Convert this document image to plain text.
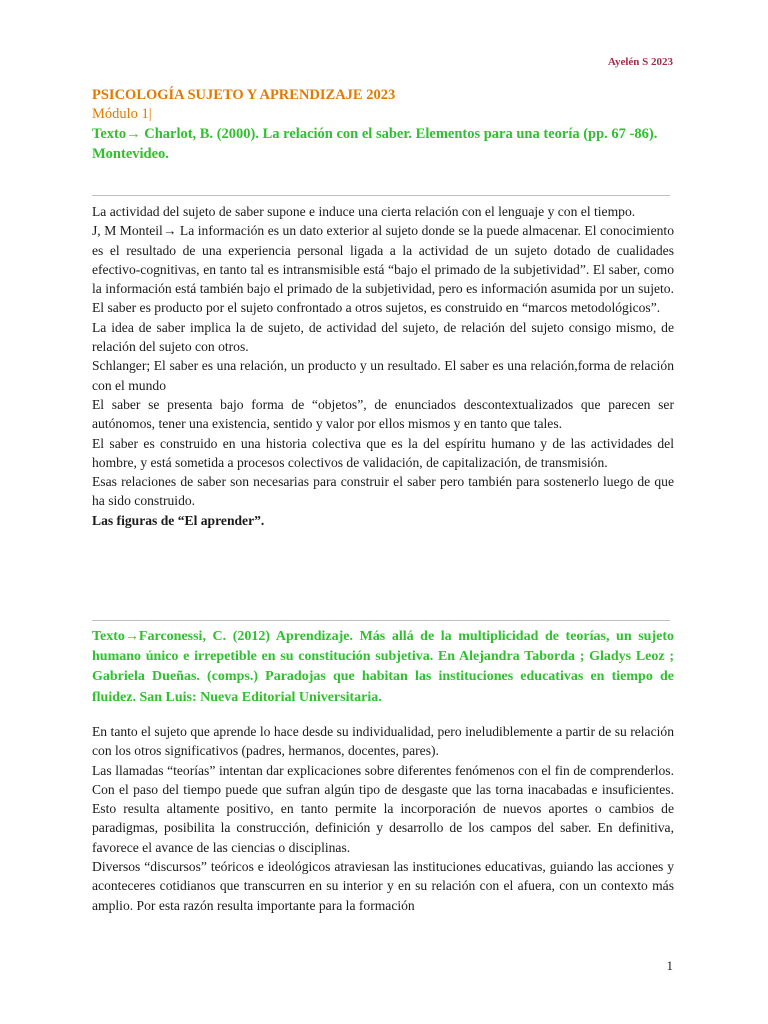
Ayelén S 2023
PSICOLOGÍA SUJETO Y APRENDIZAJE 2023
Módulo 1|
Texto→ Charlot, B. (2000). La relación con el saber. Elementos para una teoría (pp. 67 -86). Montevideo.

La actividad del sujeto de saber supone e induce una cierta relación con el lenguaje y con el tiempo.

J, M Monteil→ La información es un dato exterior al sujeto donde se la puede almacenar. El conocimiento es el resultado de una experiencia personal ligada a la actividad de un sujeto dotado de cualidades efectivo-cognitivas, en tanto tal es intransmisible está “bajo el primado de la subjetividad”. El saber, como la información está también bajo el primado de la subjetividad, pero es información asumida por un sujeto. El saber es producto por el sujeto confrontado a otros sujetos, es construido en “marcos metodológicos”.

La idea de saber implica la de sujeto, de actividad del sujeto, de relación del sujeto consigo mismo, de relación del sujeto con otros.

Schlanger; El saber es una relación, un producto y un resultado. El saber es una relación,forma de relación con el mundo

El saber se presenta bajo forma de “objetos”, de enunciados descontextualizados que parecen ser autónomos, tener una existencia, sentido y valor por ellos mismos y en tanto que tales.

El saber es construido en una historia colectiva que es la del espíritu humano y de las actividades del hombre, y está sometida a procesos colectivos de validación, de capitalización, de transmisión.

Esas relaciones de saber son necesarias para construir el saber pero también para sostenerlo luego de que ha sido construido.

Las figuras de “El aprender”.

Texto→Farconessi, C. (2012) Aprendizaje. Más allá de la multiplicidad de teorías, un sujeto humano único e irrepetible en su constitución subjetiva. En Alejandra Taborda ; Gladys Leoz ; Gabriela Dueñas. (comps.) Paradojas que habitan las instituciones educativas en tiempo de fluidez. San Luis: Nueva Editorial Universitaria.

En tanto el sujeto que aprende lo hace desde su individualidad, pero ineludiblemente a partir de su relación con los otros significativos (padres, hermanos, docentes, pares).

Las llamadas “teorías” intentan dar explicaciones sobre diferentes fenómenos con el fin de comprenderlos. Con el paso del tiempo puede que sufran algún tipo de desgaste que las torna inacabadas e insuficientes. Esto resulta altamente positivo, en tanto permite la incorporación de nuevos aportes o cambios de paradigmas, posibilita la construcción, definición y desarrollo de los campos del saber. En definitiva, favorece el avance de las ciencias o disciplinas.

Diversos “discursos” teóricos e ideológicos atraviesan las instituciones educativas, guiando las acciones y aconteceres cotidianos que transcurren en su interior y en su relación con el afuera, con un contexto más amplio. Por esta razón resulta importante para la formación

1
